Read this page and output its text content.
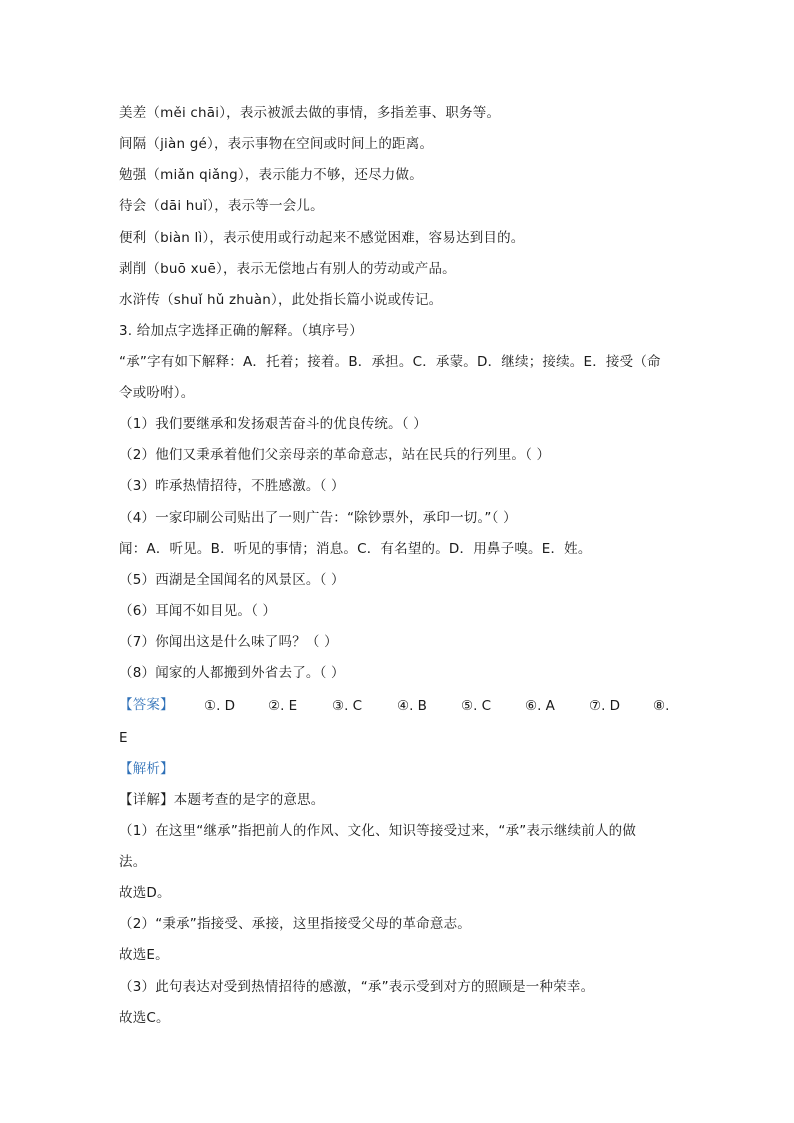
美差（měi chāi），表示被派去做的事情，多指差事、职务等。
间隔（jiàn gé），表示事物在空间或时间上的距离。
勉强（miǎn qiǎng），表示能力不够，还尽力做。
待会（dāi huǐ），表示等一会儿。
便利（biàn lì），表示使用或行动起来不感觉困难，容易达到目的。
剥削（buō xuē），表示无偿地占有别人的劳动或产品。
水浒传（shuǐ hǔ zhuàn），此处指长篇小说或传记。
3. 给加点字选择正确的解释。（填序号）
“承”字有如下解释：A．托着；接着。B．承担。C．承蒙。D．继续；接续。E．接受（命
令或吩咐）。
（1）我们要继承和发扬艰苦奋斗的优良传统。（ ）
（2）他们又秉承着他们父亲母亲的革命意志，站在民兵的行列里。（ ）
（3）昨承热情招待，不胜感激。（ ）
（4）一家印刷公司贴出了一则广告：“除钞票外，承印一切。”（ ）
闻：A．听见。B．听见的事情；消息。C．有名望的。D．用鼻子嗅。E．姓。
（5）西湖是全国闻名的风景区。（ ）
（6）耳闻不如目见。（ ）
（7）你闻出这是什么味了吗？（ ）
（8）闻家的人都搬到外省去了。（ ）
【答案】 ①. D ②. E	③. C	④. B	⑤. C	⑥. A	⑦. D ⑧.
E
【解析】
【详解】本题考查的是字的意思。
（1）在这里“继承”指把前人的作风、文化、知识等接受过来，“承”表示继续前人的做
法。
故选D。
（2）“秉承”指接受、承接，这里指接受父母的革命意志。
故选E。
（3）此句表达对受到热情招待的感激，“承”表示受到对方的照顾是一种荣幸。
故选C。
